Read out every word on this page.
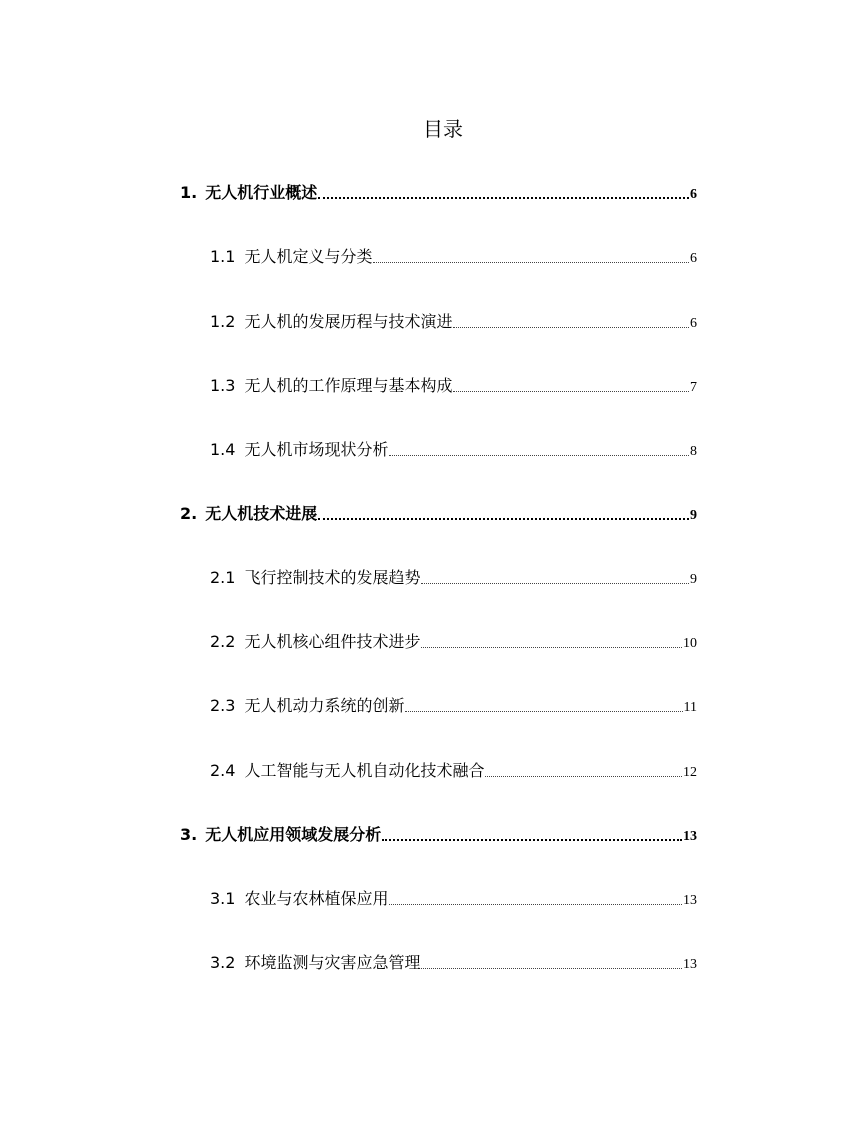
目录
1. 无人机行业概述	6
1.1 无人机定义与分类	6
1.2 无人机的发展历程与技术演进	6
1.3 无人机的工作原理与基本构成	7
1.4 无人机市场现状分析	8
2. 无人机技术进展	9
2.1 飞行控制技术的发展趋势	9
2.2 无人机核心组件技术进步	10
2.3 无人机动力系统的创新	11
2.4 人工智能与无人机自动化技术融合	12
3. 无人机应用领域发展分析	13
3.1 农业与农林植保应用	13
3.2 环境监测与灾害应急管理	13
